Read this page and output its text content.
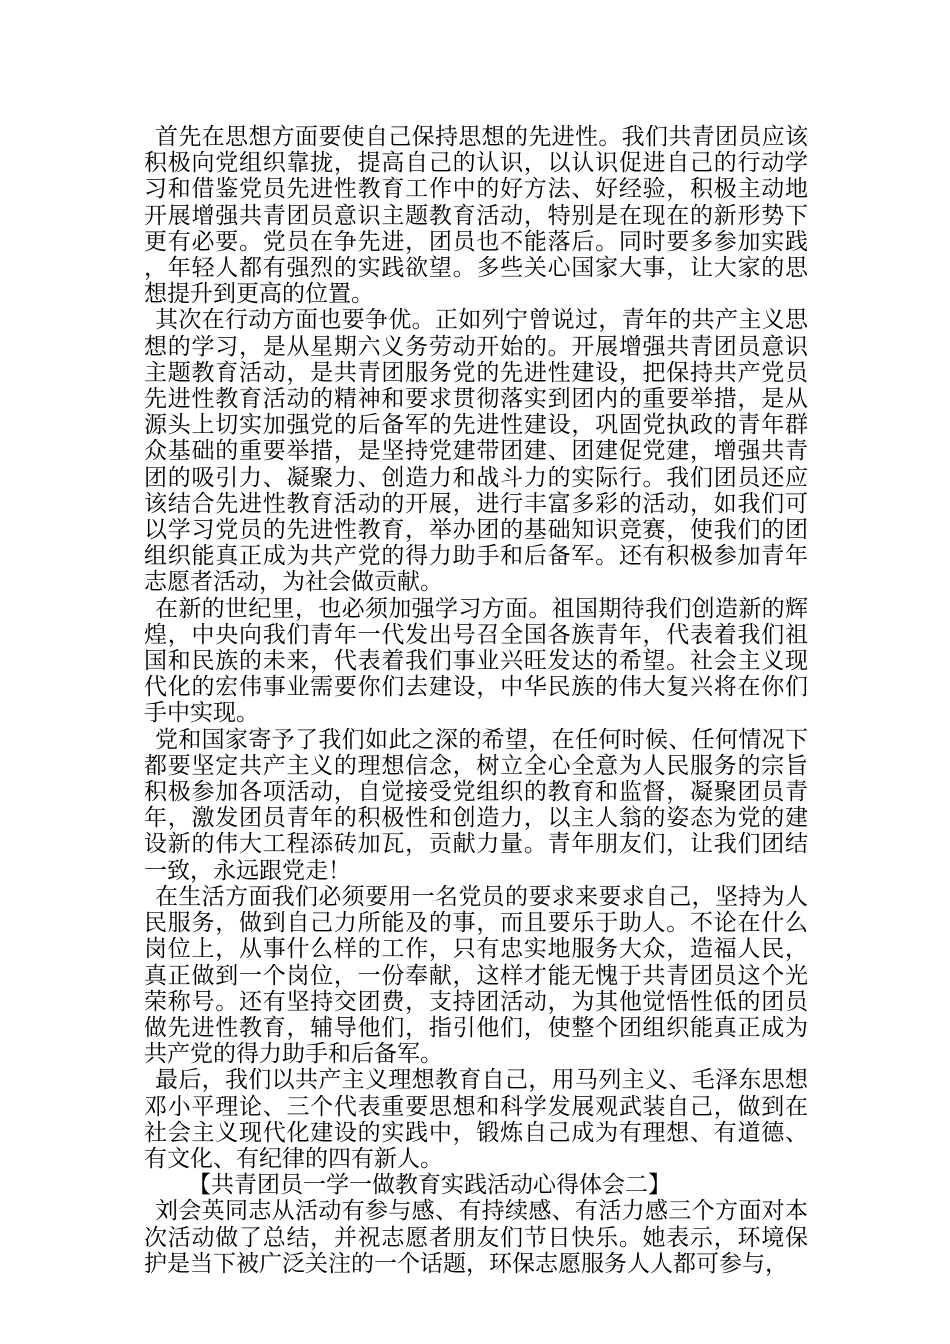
首先在思想方面要使自己保持思想的先进性。我们共青团员应该积极向党组织靠拢，提高自己的认识，以认识促进自己的行动学习和借鉴党员先进性教育工作中的好方法、好经验，积极主动地开展增强共青团员意识主题教育活动，特别是在现在的新形势下更有必要。党员在争先进，团员也不能落后。同时要多参加实践，年轻人都有强烈的实践欲望。多些关心国家大事，让大家的思想提升到更高的位置。

其次在行动方面也要争优。正如列宁曾说过，青年的共产主义思想的学习，是从星期六义务劳动开始的。开展增强共青团员意识主题教育活动，是共青团服务党的先进性建设，把保持共产党员先进性教育活动的精神和要求贯彻落实到团内的重要举措，是从源头上切实加强党的后备军的先进性建设，巩固党执政的青年群众基础的重要举措，是坚持党建带团建、团建促党建，增强共青团的吸引力、凝聚力、创造力和战斗力的实际行。我们团员还应该结合先进性教育活动的开展，进行丰富多彩的活动，如我们可以学习党员的先进性教育，举办团的基础知识竞赛，使我们的团组织能真正成为共产党的得力助手和后备军。还有积极参加青年志愿者活动，为社会做贡献。

在新的世纪里，也必须加强学习方面。祖国期待我们创造新的辉煌，中央向我们青年一代发出号召全国各族青年，代表着我们祖国和民族的未来，代表着我们事业兴旺发达的希望。社会主义现代化的宏伟事业需要你们去建设，中华民族的伟大复兴将在你们手中实现。

党和国家寄予了我们如此之深的希望，在任何时候、任何情况下都要坚定共产主义的理想信念，树立全心全意为人民服务的宗旨积极参加各项活动，自觉接受党组织的教育和监督，凝聚团员青年，激发团员青年的积极性和创造力，以主人翁的姿态为党的建设新的伟大工程添砖加瓦，贡献力量。青年朋友们，让我们团结一致，永远跟党走！

在生活方面我们必须要用一名党员的要求来要求自己，坚持为人民服务，做到自己力所能及的事，而且要乐于助人。不论在什么岗位上，从事什么样的工作，只有忠实地服务大众，造福人民，真正做到一个岗位，一份奉献，这样才能无愧于共青团员这个光荣称号。还有坚持交团费，支持团活动，为其他觉悟性低的团员做先进性教育，辅导他们，指引他们，使整个团组织能真正成为共产党的得力助手和后备军。

最后，我们以共产主义理想教育自己，用马列主义、毛泽东思想邓小平理论、三个代表重要思想和科学发展观武装自己，做到在社会主义现代化建设的实践中，锻炼自己成为有理想、有道德、有文化、有纪律的四有新人。

【共青团员一学一做教育实践活动心得体会二】

刘会英同志从活动有参与感、有持续感、有活力感三个方面对本次活动做了总结，并祝志愿者朋友们节日快乐。她表示，环境保护是当下被广泛关注的一个话题，环保志愿服务人人都可参与，
